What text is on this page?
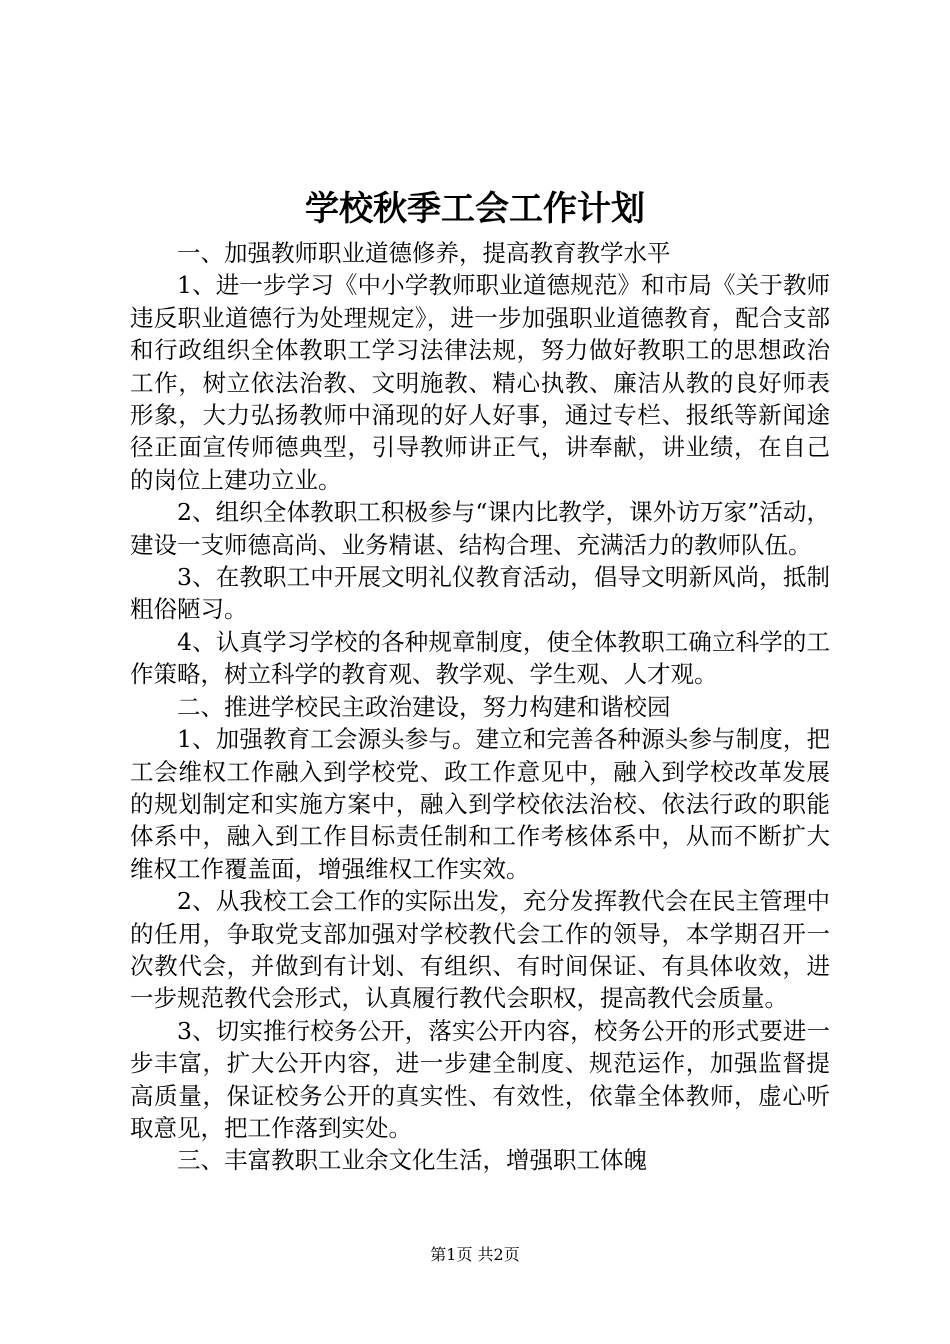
学校秋季工会工作计划

一、加强教师职业道德修养，提高教育教学水平

1、进一步学习《中小学教师职业道德规范》和市局《关于教师违反职业道德行为处理规定》，进一步加强职业道德教育，配合支部和行政组织全体教职工学习法律法规，努力做好教职工的思想政治工作，树立依法治教、文明施教、精心执教、廉洁从教的良好师表形象，大力弘扬教师中涌现的好人好事，通过专栏、报纸等新闻途径正面宣传师德典型，引导教师讲正气，讲奉献，讲业绩，在自己的岗位上建功立业。

2、组织全体教职工积极参与“课内比教学，课外访万家”活动，建设一支师德高尚、业务精谌、结构合理、充满活力的教师队伍。

3、在教职工中开展文明礼仪教育活动，倡导文明新风尚，抵制粗俗陋习。

4、认真学习学校的各种规章制度，使全体教职工确立科学的工作策略，树立科学的教育观、教学观、学生观、人才观。

二、推进学校民主政治建设，努力构建和谐校园

1、加强教育工会源头参与。建立和完善各种源头参与制度，把工会维权工作融入到学校党、政工作意见中，融入到学校改革发展的规划制定和实施方案中，融入到学校依法治校、依法行政的职能体系中，融入到工作目标责任制和工作考核体系中，从而不断扩大维权工作覆盖面，增强维权工作实效。

2、从我校工会工作的实际出发，充分发挥教代会在民主管理中的任用，争取党支部加强对学校教代会工作的领导，本学期召开一次教代会，并做到有计划、有组织、有时间保证、有具体收效，进一步规范教代会形式，认真履行教代会职权，提高教代会质量。

3、切实推行校务公开，落实公开内容，校务公开的形式要进一步丰富，扩大公开内容，进一步建全制度、规范运作，加强监督提高质量，保证校务公开的真实性、有效性，依靠全体教师，虚心听取意见，把工作落到实处。

三、丰富教职工业余文化生活，增强职工体魄

第1页 共2页
